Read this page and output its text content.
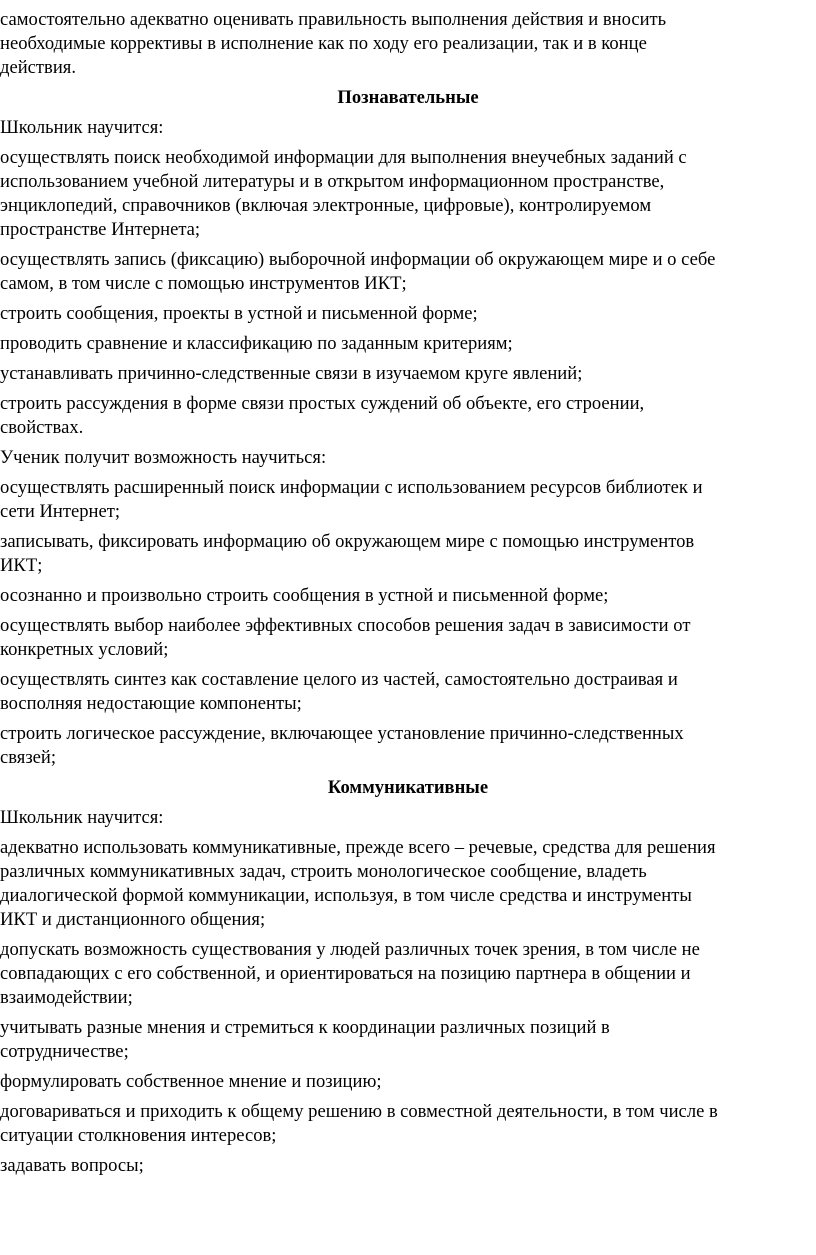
самостоятельно адекватно оценивать правильность выполнения действия и вносить
необходимые коррективы в исполнение как по ходу его реализации, так и в конце
действия.
Познавательные
Школьник научится:
осуществлять поиск необходимой информации для выполнения внеучебных заданий с
использованием учебной литературы и в открытом информационном пространстве,
энциклопедий, справочников (включая электронные, цифровые), контролируемом
пространстве Интернета;
осуществлять запись (фиксацию) выборочной информации об окружающем мире и о себе
самом, в том числе с помощью инструментов ИКТ;
строить сообщения, проекты в устной и письменной форме;
проводить сравнение и классификацию по заданным критериям;
устанавливать причинно-следственные связи в изучаемом круге явлений;
строить рассуждения в форме связи простых суждений об объекте, его строении,
свойствах.
Ученик получит возможность научиться:
осуществлять расширенный поиск информации с использованием ресурсов библиотек и
сети Интернет;
записывать, фиксировать информацию об окружающем мире с помощью инструментов
ИКТ;
осознанно и произвольно строить сообщения в устной и письменной форме;
осуществлять выбор наиболее эффективных способов решения задач в зависимости от
конкретных условий;
осуществлять синтез как составление целого из частей, самостоятельно достраивая и
восполняя недостающие компоненты;
строить логическое рассуждение, включающее установление причинно-следственных
связей;
Коммуникативные
Школьник научится:
адекватно использовать коммуникативные, прежде всего – речевые, средства для решения
различных коммуникативных задач, строить монологическое сообщение, владеть
диалогической формой коммуникации, используя, в том числе средства и инструменты
ИКТ и дистанционного общения;
допускать возможность существования у людей различных точек зрения, в том числе не
совпадающих с его собственной, и ориентироваться на позицию партнера в общении и
взаимодействии;
учитывать разные мнения и стремиться к координации различных позиций в
сотрудничестве;
формулировать собственное мнение и позицию;
договариваться и приходить к общему решению в совместной деятельности, в том числе в
ситуации столкновения интересов;
задавать вопросы;
